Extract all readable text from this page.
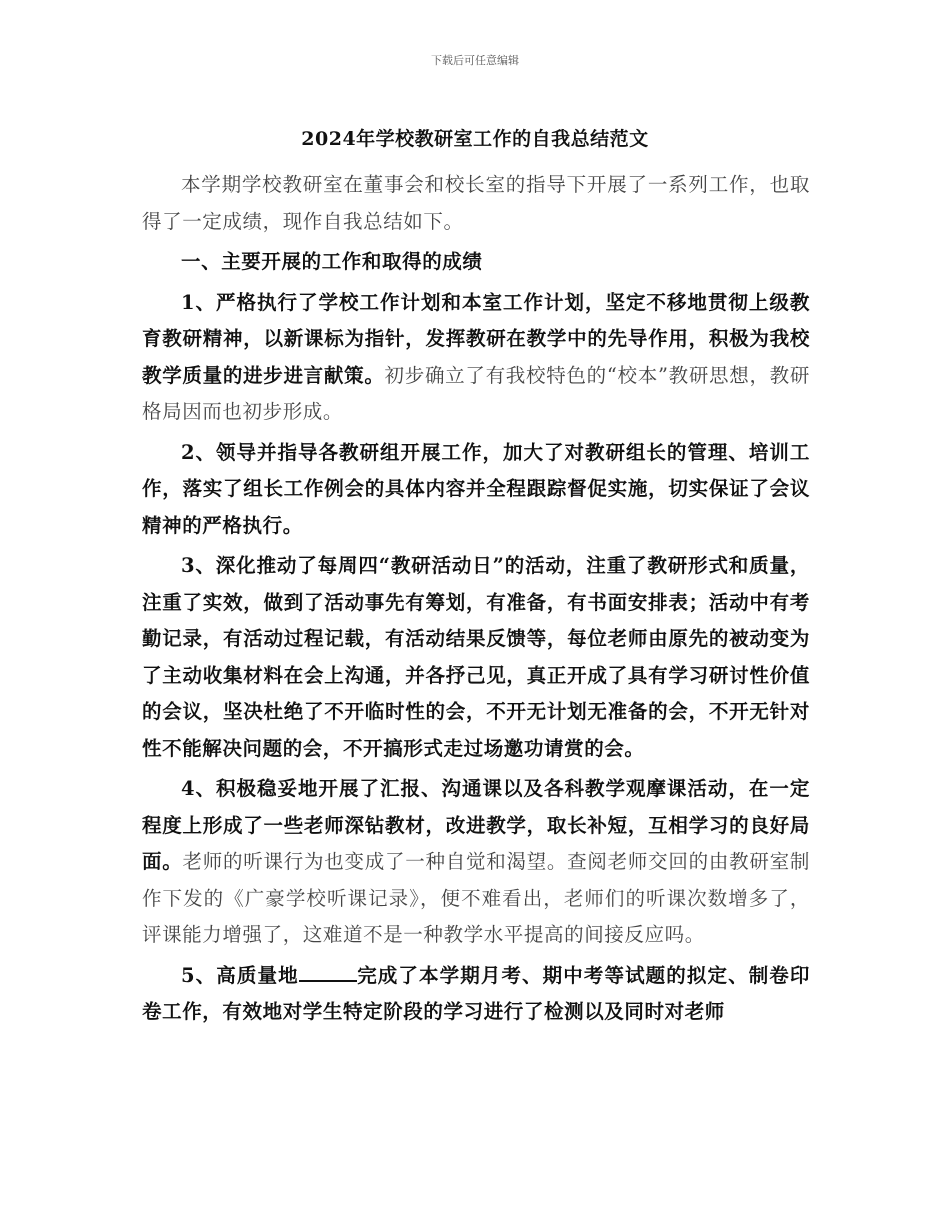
下载后可任意编辑
2024年学校教研室工作的自我总结范文

本学期学校教研室在董事会和校长室的指导下开展了一系列工作，也取得了一定成绩，现作自我总结如下。

一、主要开展的工作和取得的成绩

1、严格执行了学校工作计划和本室工作计划，坚定不移地贯彻上级教育教研精神，以新课标为指针，发挥教研在教学中的先导作用，积极为我校教学质量的进步进言献策。初步确立了有我校特色的“校本”教研思想，教研格局因而也初步形成。

2、领导并指导各教研组开展工作，加大了对教研组长的管理、培训工作，落实了组长工作例会的具体内容并全程跟踪督促实施，切实保证了会议精神的严格执行。

3、深化推动了每周四“教研活动日”的活动，注重了教研形式和质量，注重了实效，做到了活动事先有筹划，有准备，有书面安排表；活动中有考勤记录，有活动过程记载，有活动结果反馈等，每位老师由原先的被动变为了主动收集材料在会上沟通，并各抒己见，真正开成了具有学习研讨性价值的会议，坚决杜绝了不开临时性的会，不开无计划无准备的会，不开无针对性不能解决问题的会，不开搞形式走过场邀功请赏的会。

4、积极稳妥地开展了汇报、沟通课以及各科教学观摩课活动，在一定程度上形成了一些老师深钻教材，改进教学，取长补短，互相学习的良好局面。老师的听课行为也变成了一种自觉和渴望。查阅老师交回的由教研室制作下发的《广豪学校听课记录》，便不难看出，老师们的听课次数增多了，评课能力增强了，这难道不是一种教学水平提高的间接反应吗。

5、高质量地	完成了本学期月考、期中考等试题的拟定、制卷印卷工作，有效地对学生特定阶段的学习进行了检测以及同时对老师
